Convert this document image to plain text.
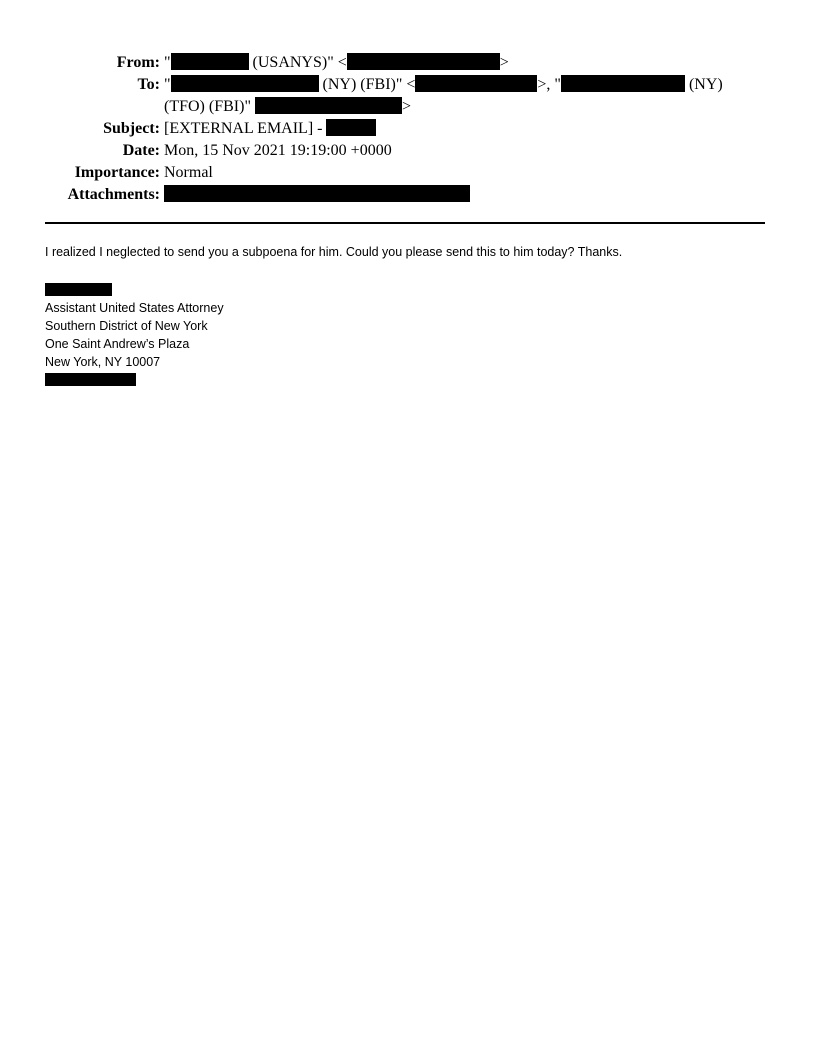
From: "	(USANYS)" <	>
To: "	(NY) (FBI)" <	>, "	(NY)
(TFO) (FBI)"	>
Subject: [EXTERNAL EMAIL] -
Date: Mon, 15 Nov 2021 19:19:00 +0000
Importance: Normal
Attachments:
I realized I neglected to send you a subpoena for him. Could you please send this to him today? Thanks.
Assistant United States Attorney
Southern District of New York
One Saint Andrew’s Plaza
New York, NY 10007
